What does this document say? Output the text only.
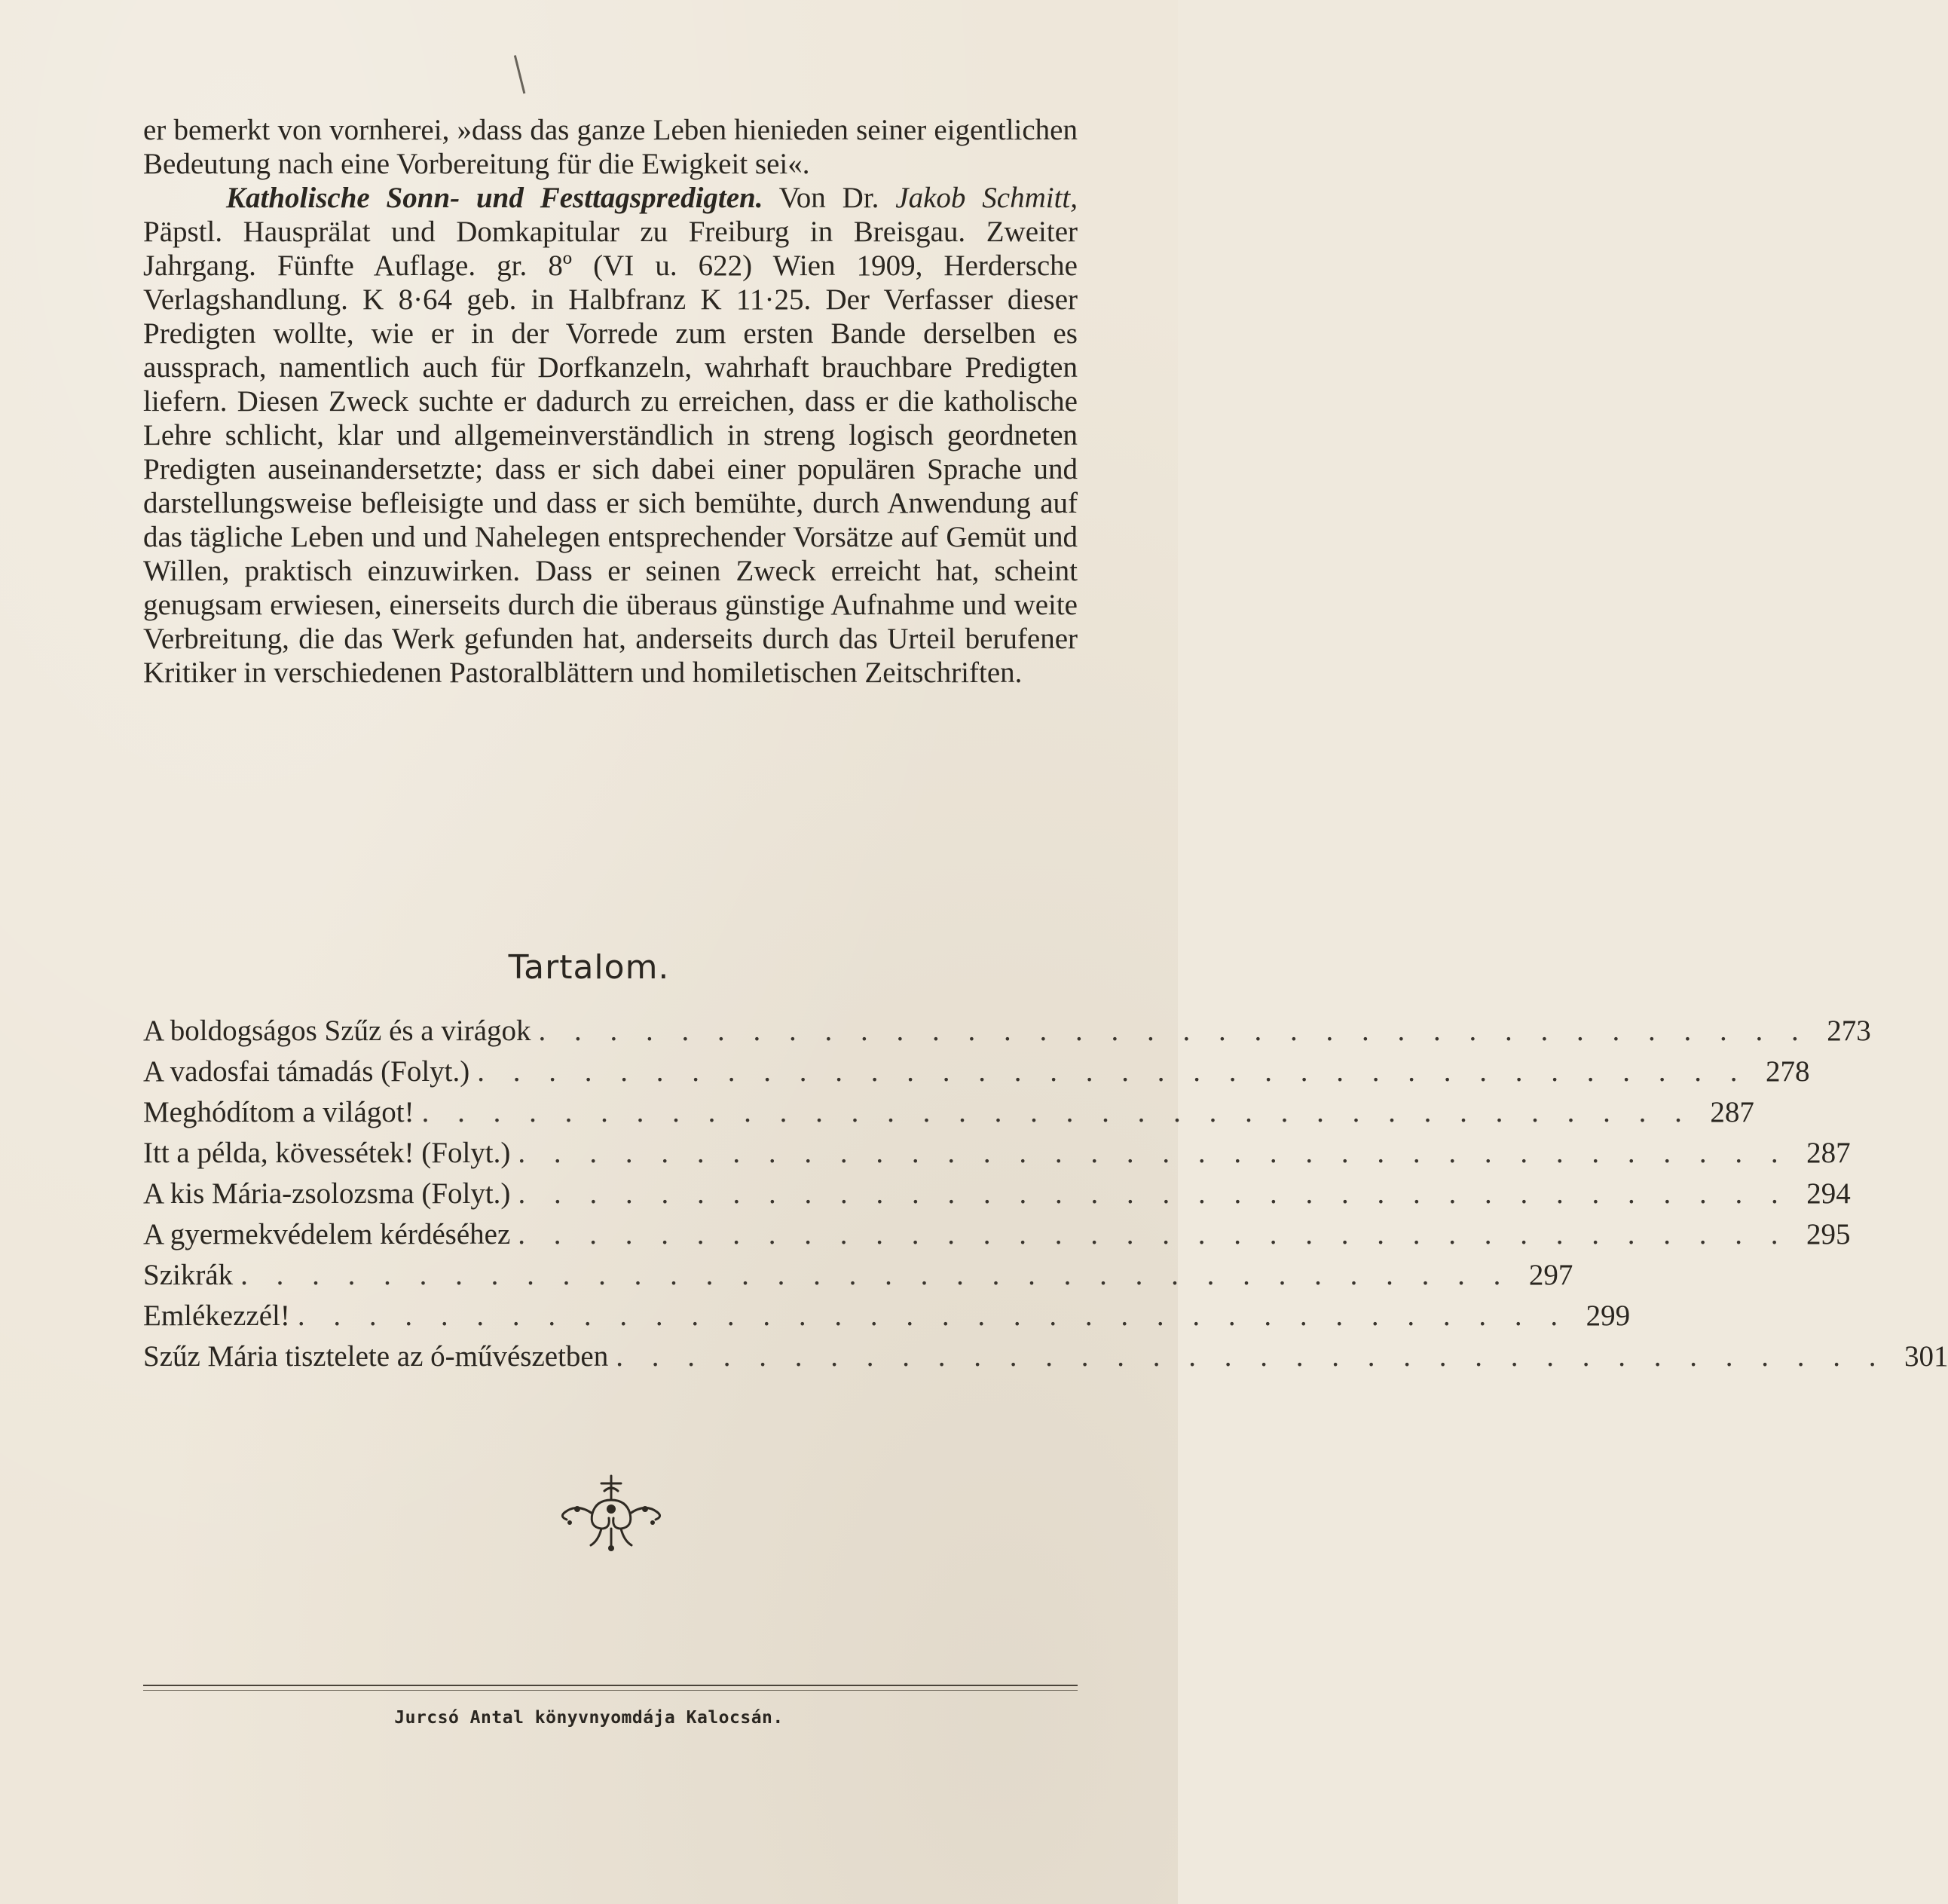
er bemerkt von vornherei, »dass das ganze Leben hienieden seiner eigentlichen Bedeutung nach eine Vorbereitung für die Ewigkeit sei«.

Katholische Sonn- und Festtagspredigten. Von Dr. Jakob Schmitt, Päpstl. Hausprälat und Domkapitular zu Freiburg in Breisgau. Zweiter Jahrgang. Fünfte Auflage. gr. 8º (VI u. 622) Wien 1909, Herdersche Verlagshandlung. K 8·64 geb. in Halbfranz K 11·25. Der Verfasser dieser Predigten wollte, wie er in der Vorrede zum ersten Bande derselben es aussprach, namentlich auch für Dorfkanzeln, wahrhaft brauchbare Predigten liefern. Diesen Zweck suchte er dadurch zu erreichen, dass er die katholische Lehre schlicht, klar und allgemeinverständlich in streng logisch geordneten Predigten auseinandersetzte; dass er sich dabei einer populären Sprache und darstellungsweise befleisigte und dass er sich bemühte, durch Anwendung auf das tägliche Leben und und Nahelegen entsprechender Vorsätze auf Gemüt und Willen, praktisch einzuwirken. Dass er seinen Zweck erreicht hat, scheint genugsam erwiesen, einerseits durch die überaus günstige Aufnahme und weite Verbreitung, die das Werk gefunden hat, anderseits durch das Urteil berufener Kritiker in verschiedenen Pastoralblättern und homiletischen Zeitschriften.

Tartalom.
A boldogságos Szűz és a virágok . . . . . . . . . . . . . . . . . . . . . . . . . . . . . . . . . . . . 273
A vadosfai támadás (Folyt.) . . . . . . . . . . . . . . . . . . . . . . . . . . . . . . . . . . . . 278
Meghódítom a világot! . . . . . . . . . . . . . . . . . . . . . . . . . . . . . . . . . . . . 287
Itt a példa, kövessétek! (Folyt.) . . . . . . . . . . . . . . . . . . . . . . . . . . . . . . . . . . . . 287
A kis Mária-zsolozsma (Folyt.) . . . . . . . . . . . . . . . . . . . . . . . . . . . . . . . . . . . . 294
A gyermekvédelem kérdéséhez . . . . . . . . . . . . . . . . . . . . . . . . . . . . . . . . . . . . 295
Szikrák . . . . . . . . . . . . . . . . . . . . . . . . . . . . . . . . . . . . 297
Emlékezzél! . . . . . . . . . . . . . . . . . . . . . . . . . . . . . . . . . . . . 299
Szűz Mária tisztelete az ó-művészetben . . . . . . . . . . . . . . . . . . . . . . . . . . . . . . . . . . . . 301
Jurcsó Antal könyvnyomdája Kalocsán.
